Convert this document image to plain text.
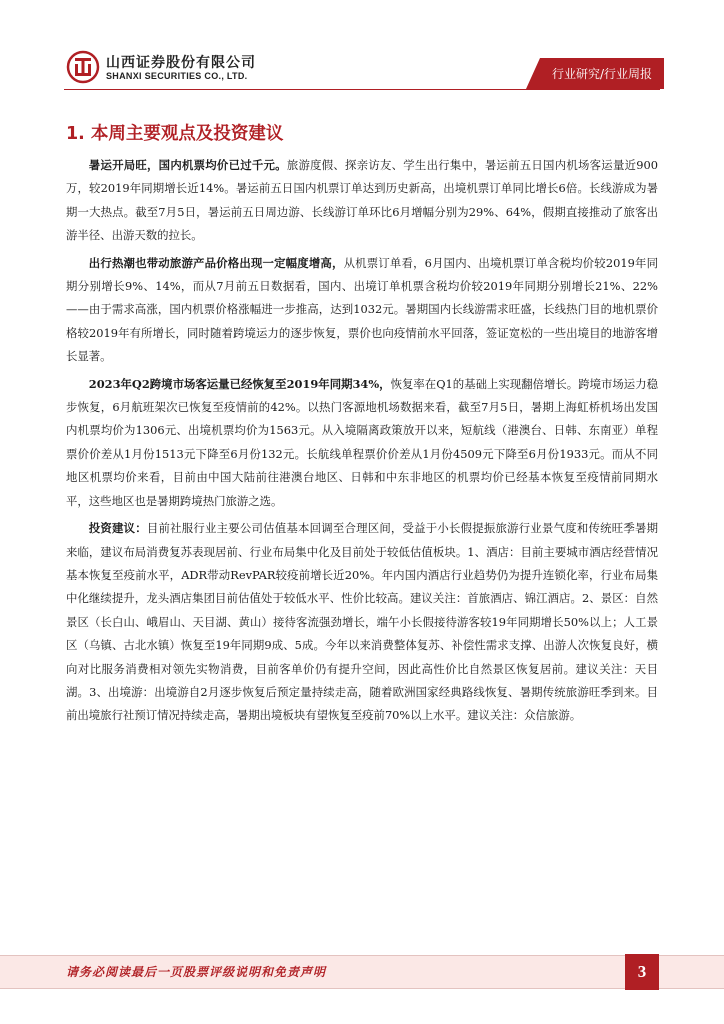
山西证券股份有限公司
SHANXI SECURITIES CO., LTD.	行业研究/行业周报
1. 本周主要观点及投资建议

暑运开局旺，国内机票均价已过千元。旅游度假、探亲访友、学生出行集中，暑运前五日国内机场客运量近900万，较2019年同期增长近14%。暑运前五日国内机票订单达到历史新高，出境机票订单同比增长6倍。长线游成为暑期一大热点。截至7月5日，暑运前五日周边游、长线游订单环比6月增幅分别为29%、64%，假期直接推动了旅客出游半径、出游天数的拉长。

出行热潮也带动旅游产品价格出现一定幅度增高，从机票订单看，6月国内、出境机票订单含税均价较2019年同期分别增长9%、14%，而从7月前五日数据看，国内、出境订单机票含税均价较2019年同期分别增长21%、22%——由于需求高涨，国内机票价格涨幅进一步推高，达到1032元。暑期国内长线游需求旺盛，长线热门目的地机票价格较2019年有所增长，同时随着跨境运力的逐步恢复，票价也向疫情前水平回落，签证宽松的一些出境目的地游客增长显著。

2023年Q2跨境市场客运量已经恢复至2019年同期34%，恢复率在Q1的基础上实现翻倍增长。跨境市场运力稳步恢复，6月航班架次已恢复至疫情前的42%。以热门客源地机场数据来看，截至7月5日，暑期上海虹桥机场出发国内机票均价为1306元、出境机票均价为1563元。从入境隔离政策放开以来，短航线（港澳台、日韩、东南亚）单程票价价差从1月份1513元下降至6月份132元。长航线单程票价价差从1月份4509元下降至6月份1933元。而从不同地区机票均价来看，目前由中国大陆前往港澳台地区、日韩和中东非地区的机票均价已经基本恢复至疫情前同期水平，这些地区也是暑期跨境热门旅游之选。

投资建议：目前社服行业主要公司估值基本回调至合理区间，受益于小长假提振旅游行业景气度和传统旺季暑期来临，建议布局消费复苏表现居前、行业布局集中化及目前处于较低估值板块。1、酒店：目前主要城市酒店经营情况基本恢复至疫前水平，ADR带动RevPAR较疫前增长近20%。年内国内酒店行业趋势仍为提升连锁化率，行业布局集中化继续提升，龙头酒店集团目前估值处于较低水平、性价比较高。建议关注：首旅酒店、锦江酒店。2、景区：自然景区（长白山、峨眉山、天目湖、黄山）接待客流强劲增长，端午小长假接待游客较19年同期增长50%以上；人工景区（乌镇、古北水镇）恢复至19年同期9成、5成。今年以来消费整体复苏、补偿性需求支撑、出游人次恢复良好，横向对比服务消费相对领先实物消费，目前客单价仍有提升空间，因此高性价比自然景区恢复居前。建议关注：天目湖。3、出境游：出境游自2月逐步恢复后预定量持续走高，随着欧洲国家经典路线恢复、暑期传统旅游旺季到来。目前出境旅行社预订情况持续走高，暑期出境板块有望恢复至疫前70%以上水平。建议关注：众信旅游。

请务必阅读最后一页股票评级说明和免责声明	3
